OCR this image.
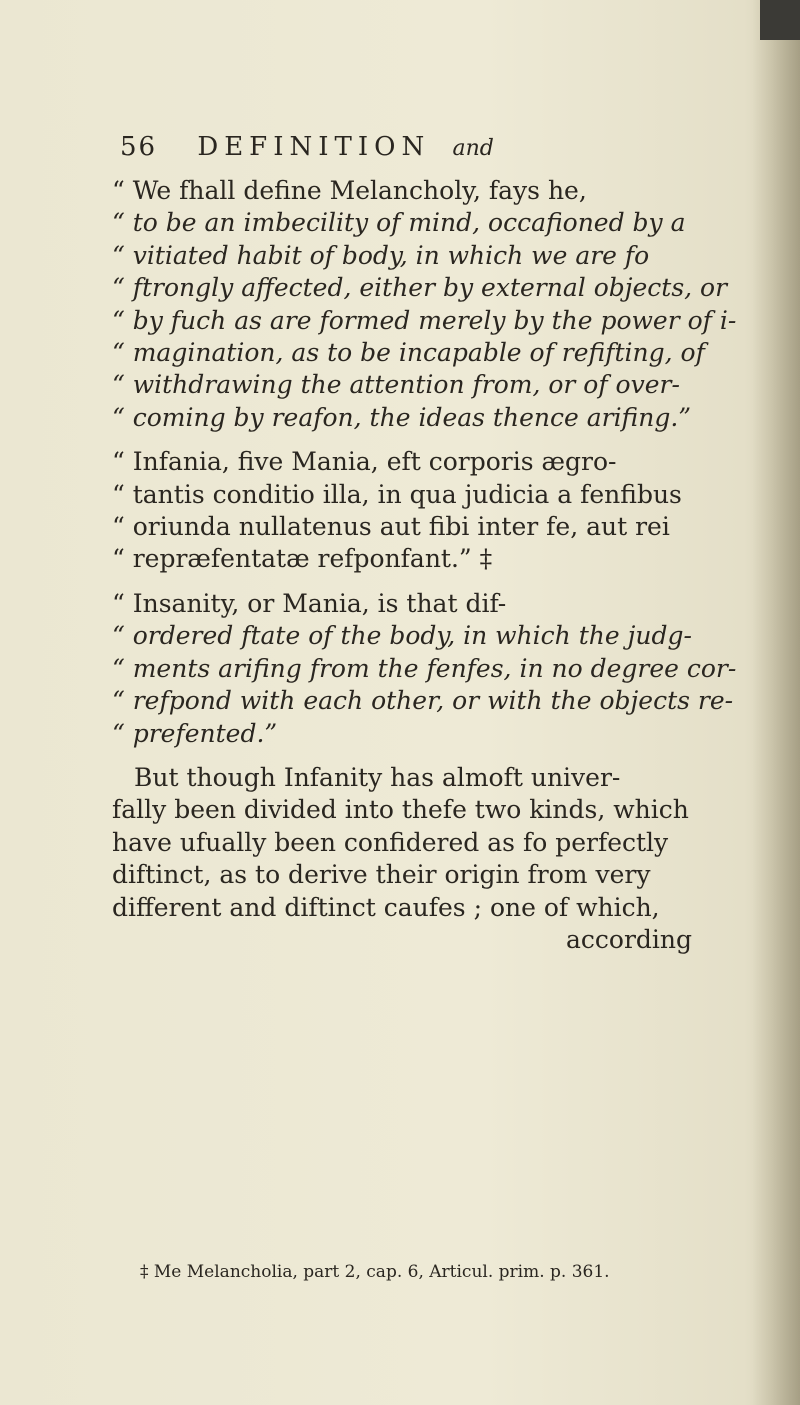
56 DEFINITION and
“ We fhall define Melancholy, fays he,
“ to be an imbecility of mind, occafioned by a
“ vitiated habit of body, in which we are fo
“ ftrongly affected, either by external objects, or
“ by fuch as are formed merely by the power of i-
“ magination, as to be incapable of refifting, of
“ withdrawing the attention from, or of over-
“ coming by reafon, the ideas thence arifing.”
“ Infania, five Mania, eft corporis ægro-
“ tantis conditio illa, in qua judicia a fenfibus
“ oriunda nullatenus aut fibi inter fe, aut rei
“ repræfentatæ refponfant.” ‡
“ Insanity, or Mania, is that dif-
“ ordered ftate of the body, in which the judg-
“ ments arifing from the fenfes, in no degree cor-
“ refpond with each other, or with the objects re-
“ prefented.”
But though Infanity has almoft univer-
fally been divided into thefe two kinds, which
have ufually been confidered as fo perfectly
diftinct, as to derive their origin from very
different and diftinct caufes ; one of which,
according
‡ Me Melancholia, part 2, cap. 6, Articul. prim. p. 361.
